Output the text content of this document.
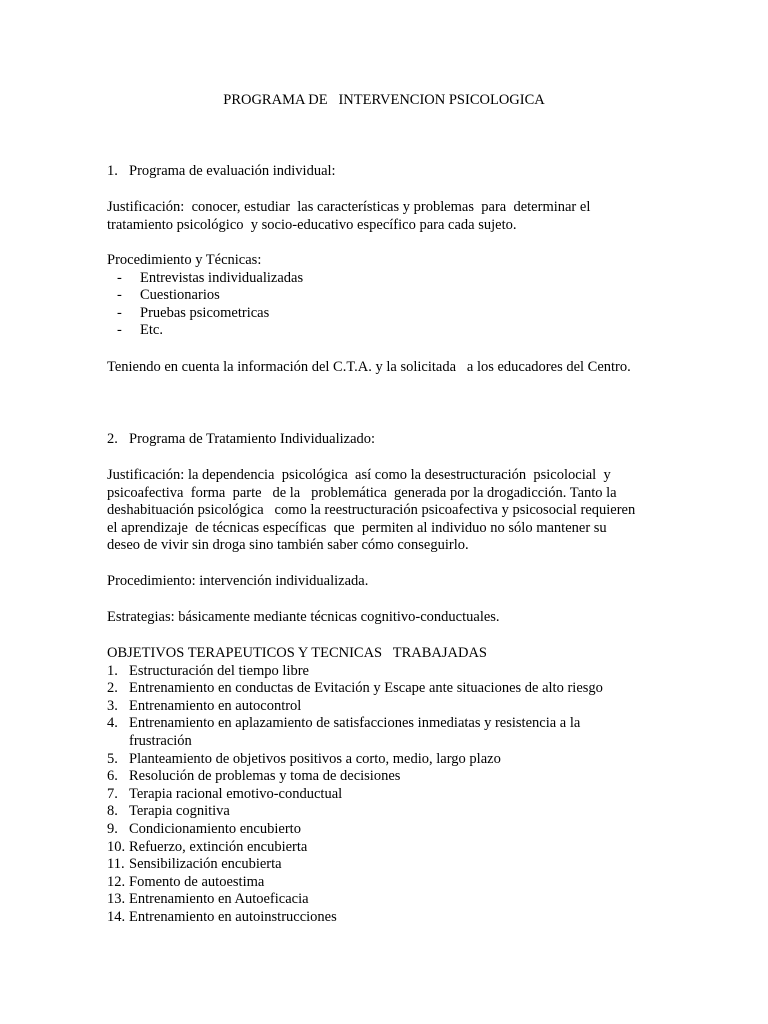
PROGRAMA DE   INTERVENCION PSICOLOGICA
1. Programa de evaluación individual:
Justificación:  conocer, estudiar  las características y problemas  para  determinar el
tratamiento psicológico  y socio-educativo específico para cada sujeto.
Procedimiento y Técnicas:
-	Entrevistas individualizadas
-	Cuestionarios
-	Pruebas psicometricas
-	Etc.
Teniendo en cuenta la información del C.T.A. y la solicitada   a los educadores del Centro.
2. Programa de Tratamiento Individualizado:
Justificación: la dependencia  psicológica  así como la desestructuración  psicolocial  y
psicoafectiva  forma  parte   de la   problemática  generada por la drogadicción. Tanto la
deshabituación psicológica   como la reestructuración psicoafectiva y psicosocial requieren
el aprendizaje  de técnicas específicas  que  permiten al individuo no sólo mantener su
deseo de vivir sin droga sino también saber cómo conseguirlo.
Procedimiento: intervención individualizada.
Estrategias: básicamente mediante técnicas cognitivo-conductuales.
OBJETIVOS TERAPEUTICOS Y TECNICAS   TRABAJADAS
1. Estructuración del tiempo libre
2. Entrenamiento en conductas de Evitación y Escape ante situaciones de alto riesgo
3. Entrenamiento en autocontrol
4. Entrenamiento en aplazamiento de satisfacciones inmediatas y resistencia a la frustración
5. Planteamiento de objetivos positivos a corto, medio, largo plazo
6. Resolución de problemas y toma de decisiones
7. Terapia racional emotivo-conductual
8. Terapia cognitiva
9. Condicionamiento encubierto
10. Refuerzo, extinción encubierta
11. Sensibilización encubierta
12. Fomento de autoestima
13. Entrenamiento en Autoeficacia
14. Entrenamiento en autoinstrucciones
